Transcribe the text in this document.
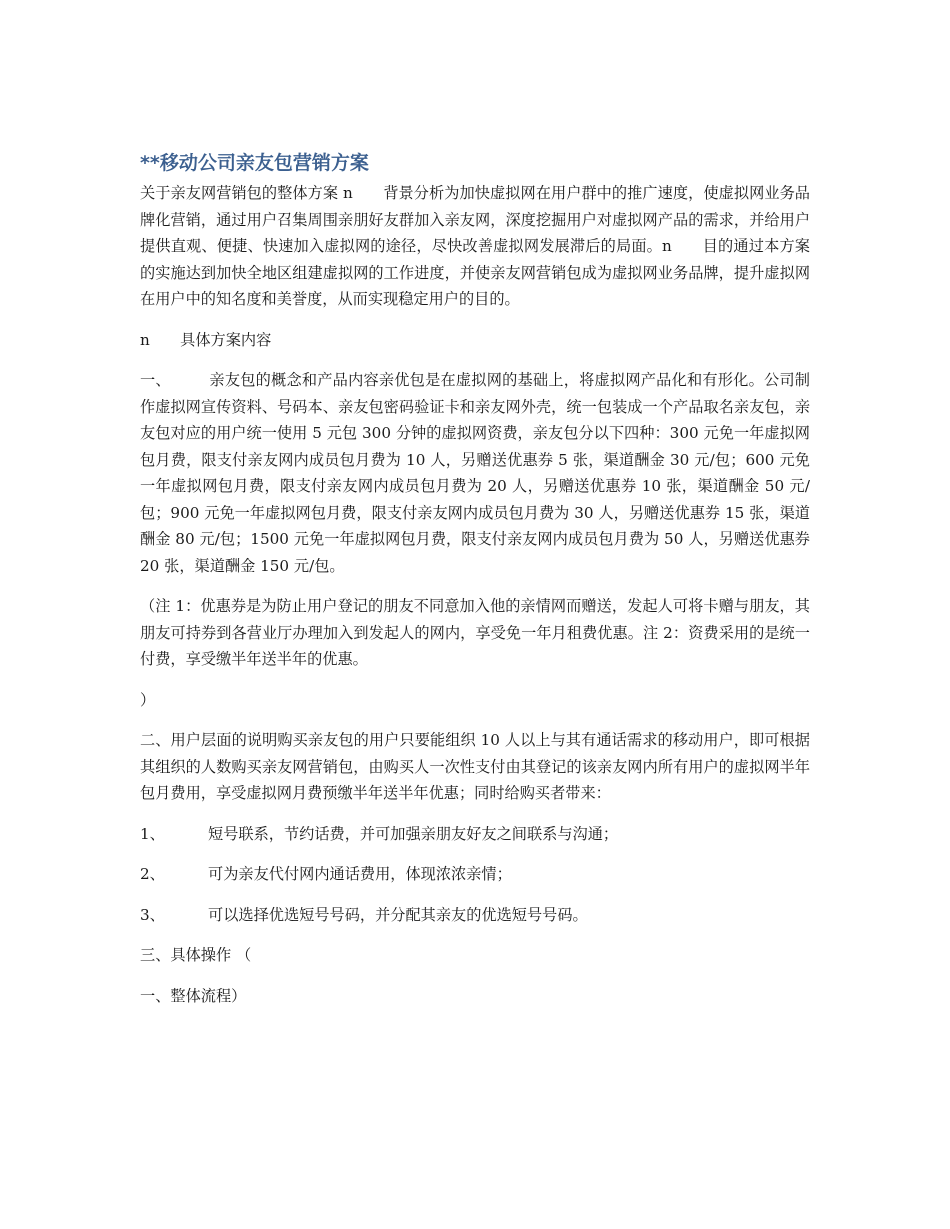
**移动公司亲友包营销方案

关于亲友网营销包的整体方案 n　　背景分析为加快虚拟网在用户群中的推广速度，使虚拟网业务品牌化营销，通过用户召集周围亲朋好友群加入亲友网，深度挖掘用户对虚拟网产品的需求，并给用户提供直观、便捷、快速加入虚拟网的途径，尽快改善虚拟网发展滞后的局面。n　　目的通过本方案的实施达到加快全地区组建虚拟网的工作进度，并使亲友网营销包成为虚拟网业务品牌，提升虚拟网在用户中的知名度和美誉度，从而实现稳定用户的目的。

n　　具体方案内容

一、　　　亲友包的概念和产品内容亲优包是在虚拟网的基础上，将虚拟网产品化和有形化。公司制作虚拟网宣传资料、号码本、亲友包密码验证卡和亲友网外壳，统一包装成一个产品取名亲友包，亲友包对应的用户统一使用 5 元包 300 分钟的虚拟网资费，亲友包分以下四种：300 元免一年虚拟网包月费，限支付亲友网内成员包月费为 10 人，另赠送优惠券 5 张，渠道酬金 30 元/包；600 元免一年虚拟网包月费，限支付亲友网内成员包月费为 20 人，另赠送优惠券 10 张，渠道酬金 50 元/包；900 元免一年虚拟网包月费，限支付亲友网内成员包月费为 30 人，另赠送优惠券 15 张，渠道酬金 80 元/包；1500 元免一年虚拟网包月费，限支付亲友网内成员包月费为 50 人，另赠送优惠券 20 张，渠道酬金 150 元/包。

（注 1：优惠券是为防止用户登记的朋友不同意加入他的亲情网而赠送，发起人可将卡赠与朋友，其朋友可持券到各营业厅办理加入到发起人的网内，享受免一年月租费优惠。注 2：资费采用的是统一付费，享受缴半年送半年的优惠。

）

二、用户层面的说明购买亲友包的用户只要能组织 10 人以上与其有通话需求的移动用户，即可根据其组织的人数购买亲友网营销包，由购买人一次性支付由其登记的该亲友网内所有用户的虚拟网半年包月费用，享受虚拟网月费预缴半年送半年优惠；同时给购买者带来：

1、	短号联系，节约话费，并可加强亲朋友好友之间联系与沟通；
2、	可为亲友代付网内通话费用，体现浓浓亲情；
3、	可以选择优选短号号码，并分配其亲友的优选短号号码。

三、具体操作 （

一、整体流程）
